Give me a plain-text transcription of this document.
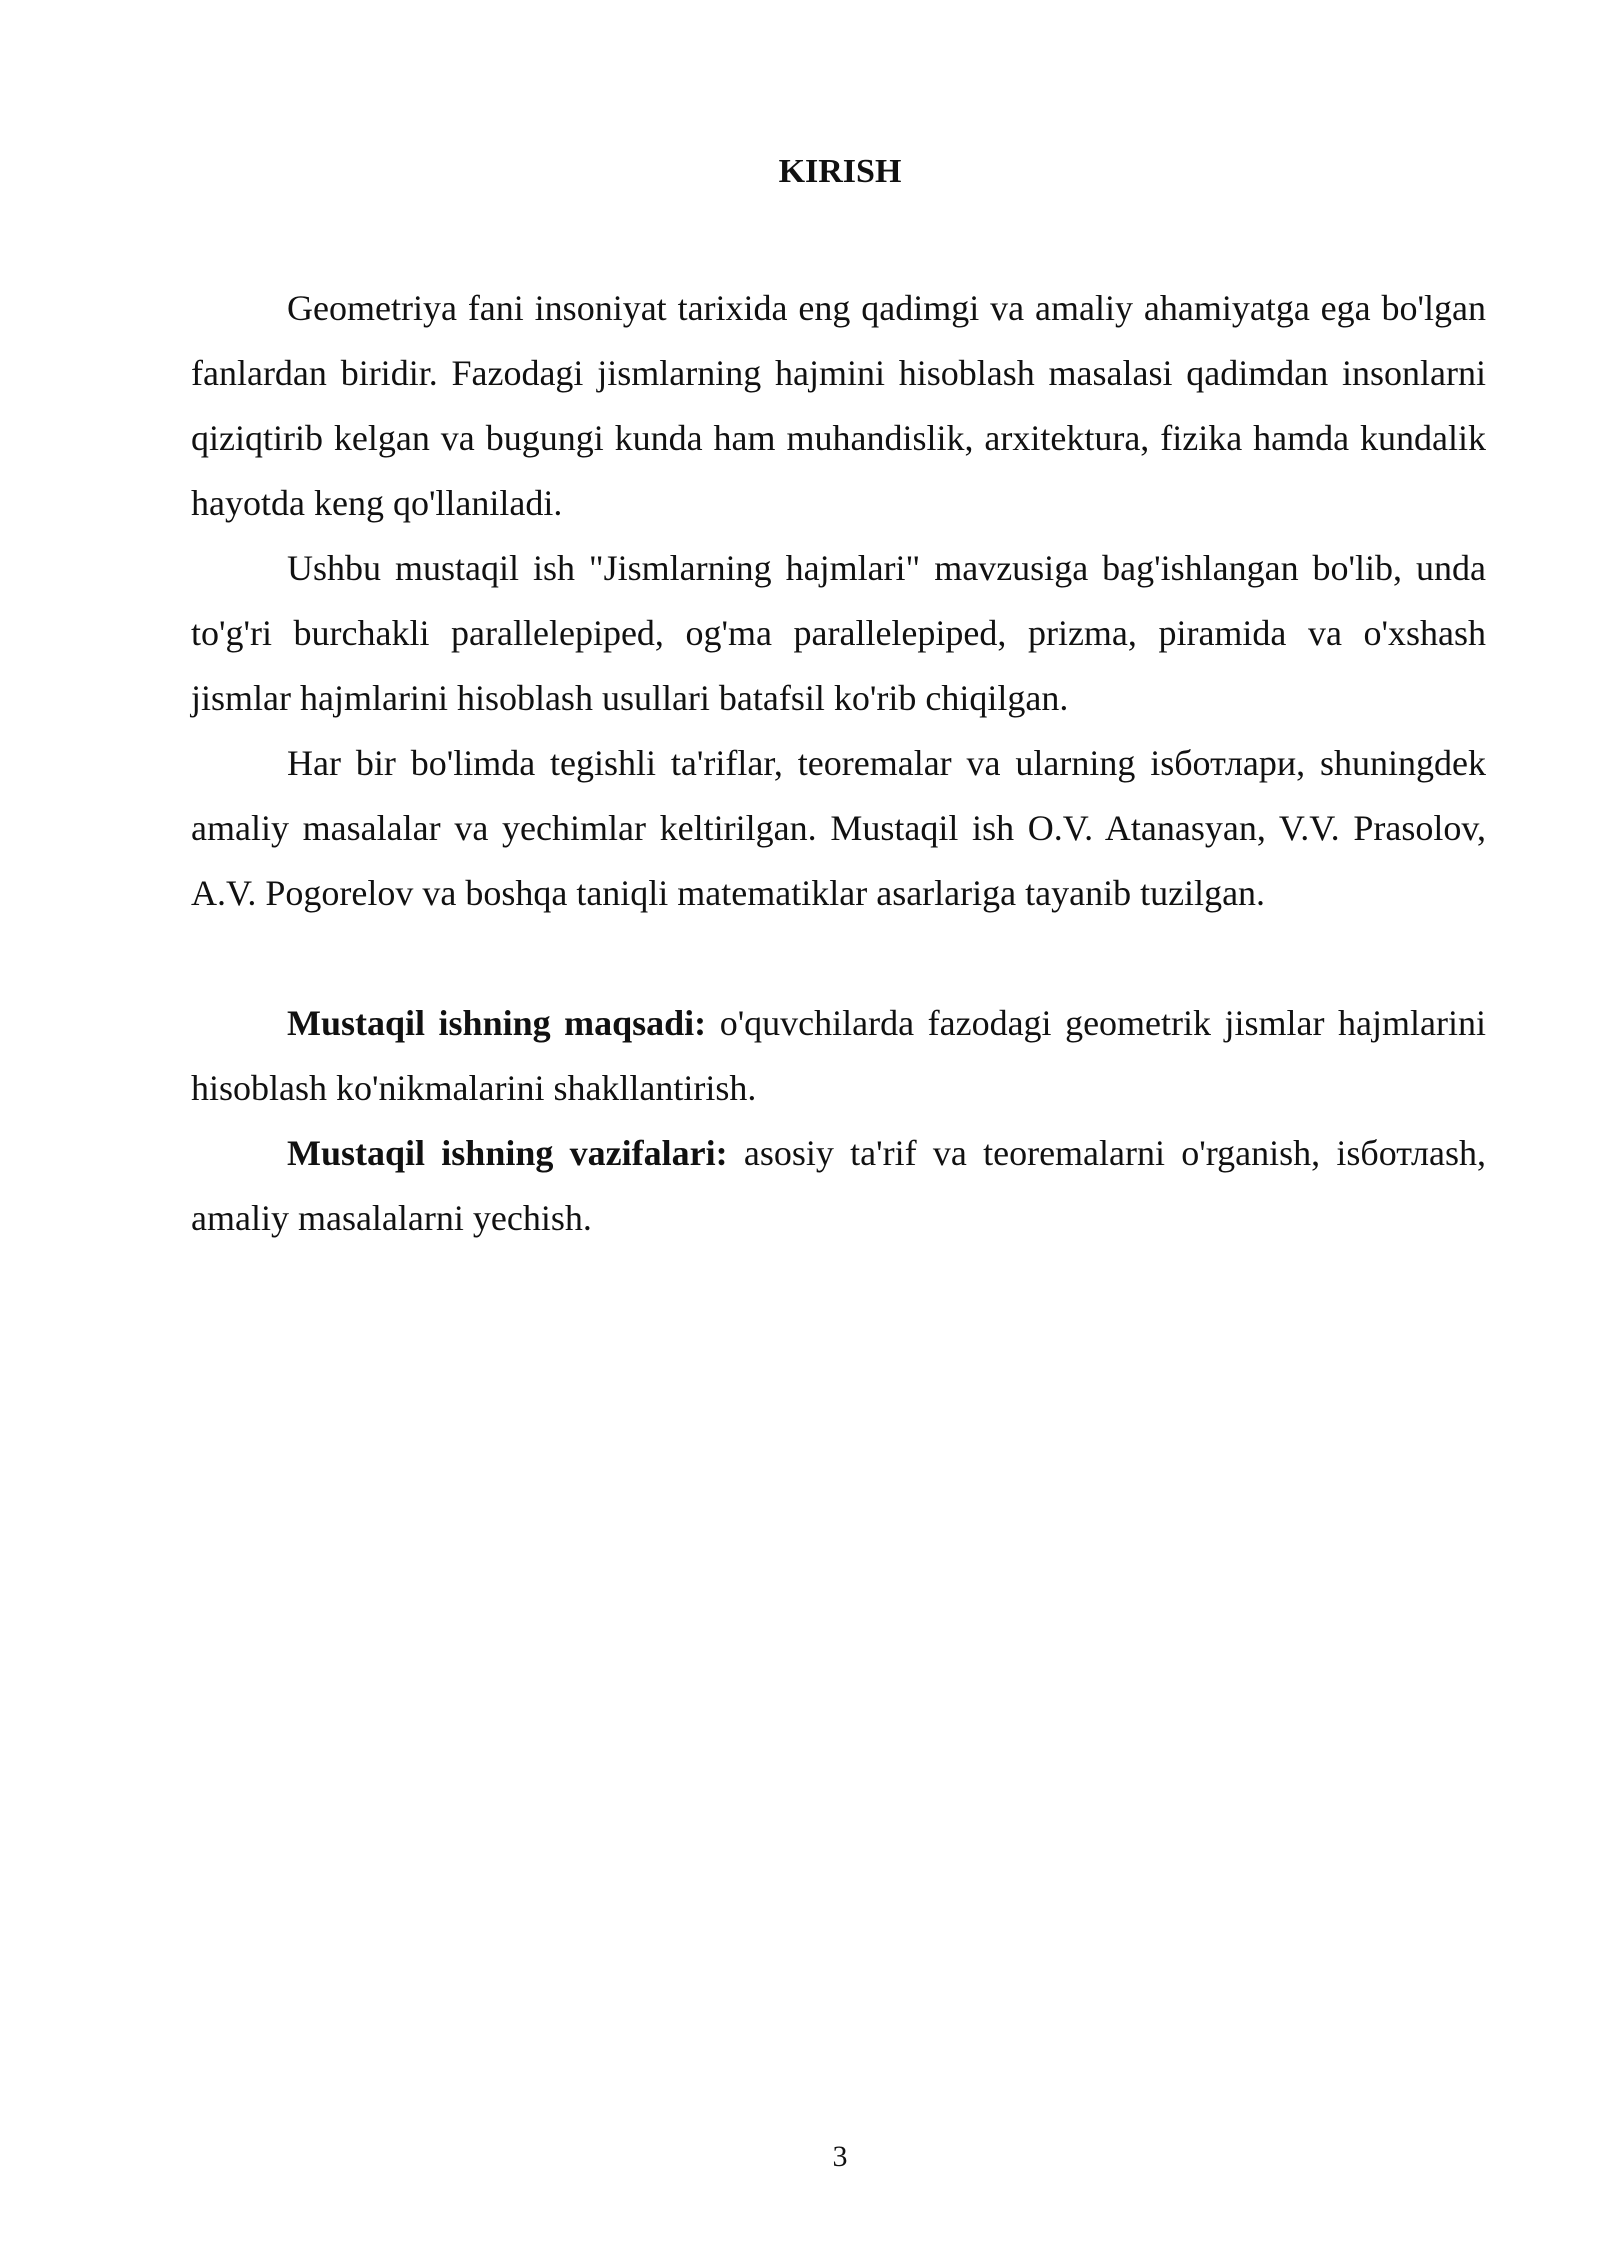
KIRISH

Geometriya fani insoniyat tarixida eng qadimgi va amaliy ahamiyatga ega bo'lgan fanlardan biridir. Fazodagi jismlarning hajmini hisoblash masalasi qadimdan insonlarni qiziqtirib kelgan va bugungi kunda ham muhandislik, arxitektura, fizika hamda kundalik hayotda keng qo'llaniladi.

Ushbu mustaqil ish "Jismlarning hajmlari" mavzusiga bag'ishlangan bo'lib, unda to'g'ri burchakli parallelepiped, og'ma parallelepiped, prizma, piramida va o'xshash jismlar hajmlarini hisoblash usullari batafsil ko'rib chiqilgan.

Har bir bo'limda tegishli ta'riflar, teoremalar va ularning isботлари, shuningdek amaliy masalalar va yechimlar keltirilgan. Mustaqil ish O.V. Atanasyan, V.V. Prasolov, A.V. Pogorelov va boshqa taniqli matematiklar asarlariga tayanib tuzilgan.

Mustaqil ishning maqsadi: o'quvchilarda fazodagi geometrik jismlar hajmlarini hisoblash ko'nikmalarini shakllantirish.

Mustaqil ishning vazifalari: asosiy ta'rif va teoremalarni o'rganish, isботлаsh, amaliy masalalarni yechish.

3
